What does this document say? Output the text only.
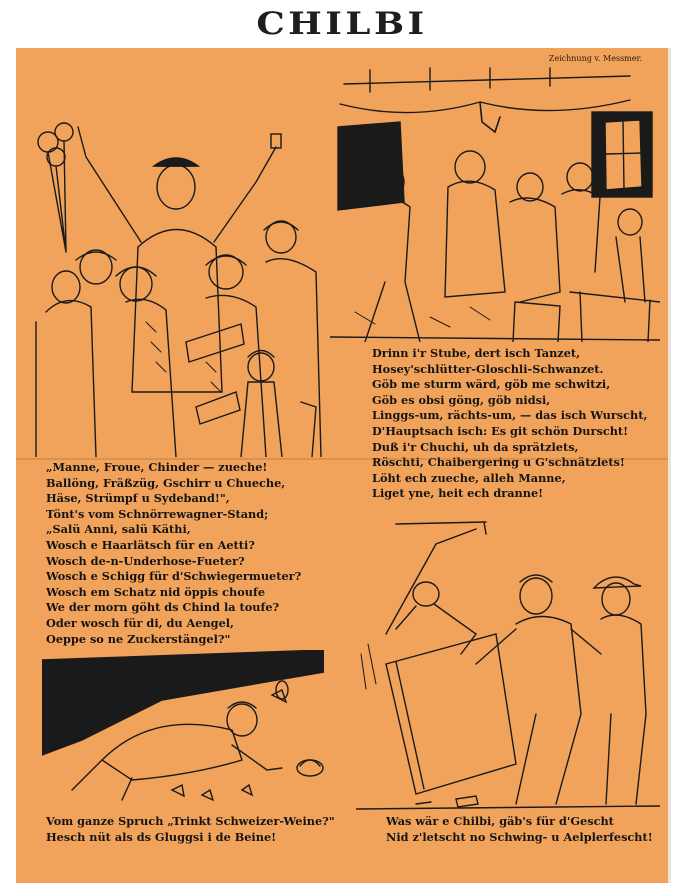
CHILBI
Zeichnung v. Messmer.
Drinn i'r Stube, dert isch Tanzet,
Hosey'schlütter-Gloschli-Schwanzet.
Göb me sturm wärd, göb me schwitzi,
Göb es obsi göng, göb nidsi,
Linggs-um, rächts-um, — das isch Wurscht,
D'Hauptsach isch: Es git schön Durscht!
Duß i'r Chuchi, uh da sprätzlets,
Röschti, Chaibergering u G'schnätzlets!
Löht ech zueche, alleh Manne,
Liget yne, heit ech dranne!
„Manne, Froue, Chinder — zueche!
Ballöng, Fräßzüg, Gschirr u Chueche,
Häse, Strümpf u Sydeband!",
Tönt's vom Schnörrewagner-Stand;
„Salü Anni, salü Käthi,
Wosch e Haarlätsch für en Aetti?
Wosch de-n-Underhose-Fueter?
Wosch e Schigg für d'Schwiegermueter?
Wosch em Schatz nid öppis choufe
We der morn göht ds Chind la toufe?
Oder wosch für di, du Aengel,
Oeppe so ne Zuckerstängel?"
Vom ganze Spruch „Trinkt Schweizer-Weine?"
Hesch nüt als ds Gluggsi i de Beine!
Was wär e Chilbi, gäb's für d'Gescht
Nid z'letscht no Schwing- u Aelplerfescht!
